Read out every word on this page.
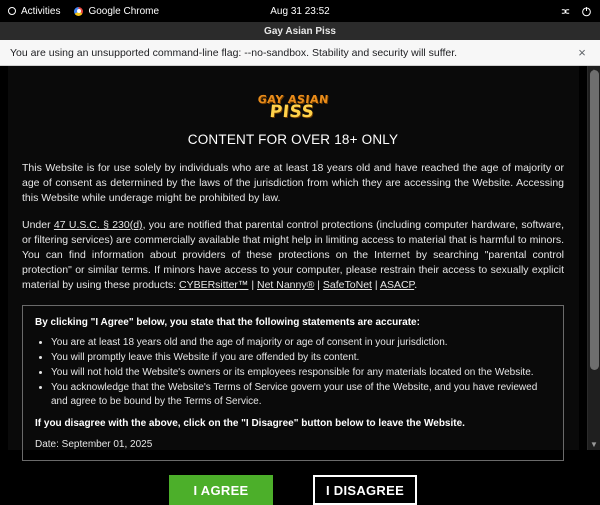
Activities	Google Chrome	Aug 31 23:52
Gay Asian Piss
You are using an unsupported command-line flag: --no-sandbox. Stability and security will suffer.	×
GAY ASIAN
PISS
CONTENT FOR OVER 18+ ONLY

This Website is for use solely by individuals who are at least 18 years old and have reached the age of majority or age of consent as determined by the laws of the jurisdiction from which they are accessing the Website. Accessing this Website while underage might be prohibited by law.

Under 47 U.S.C. § 230(d), you are notified that parental control protections (including computer hardware, software, or filtering services) are commercially available that might help in limiting access to material that is harmful to minors. You can find information about providers of these protections on the Internet by searching "parental control protection" or similar terms. If minors have access to your computer, please restrain their access to sexually explicit material by using these products: CYBERsitter™ | Net Nanny® | SafeToNet | ASACP.

By clicking "I Agree" below, you state that the following statements are accurate:

• You are at least 18 years old and the age of majority or age of consent in your jurisdiction.
• You will promptly leave this Website if you are offended by its content.
• You will not hold the Website's owners or its employees responsible for any materials located on the Website.
• You acknowledge that the Website's Terms of Service govern your use of the Website, and you have reviewed and agree to be bound by the Terms of Service.

If you disagree with the above, click on the "I Disagree" button below to leave the Website.

Date: September 01, 2025

I AGREE	I DISAGREE
▼
